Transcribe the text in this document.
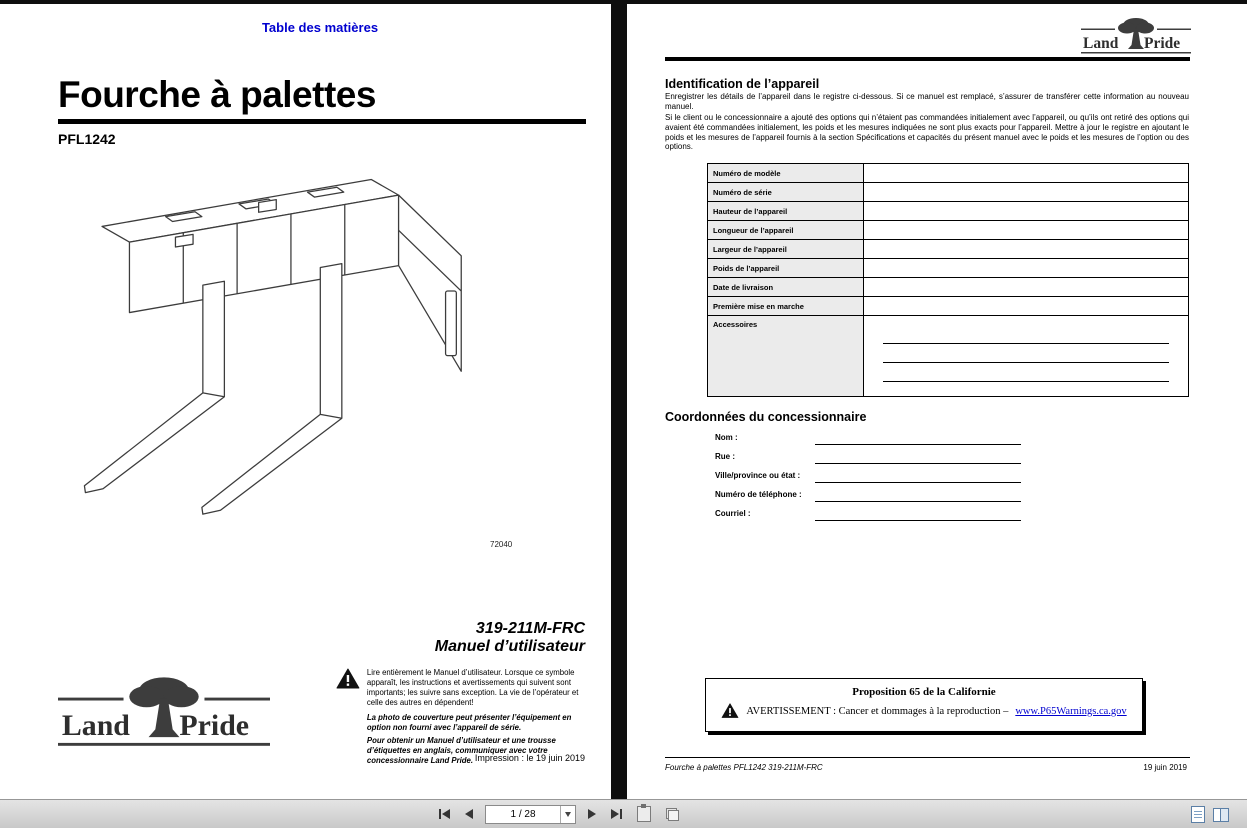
Table des matières
Fourche à palettes
PFL1242
72040
319-211M-FRC
Manuel d’utilisateur
Land Pride
Lire entièrement le Manuel d’utilisateur. Lorsque ce symbole apparaît, les instructions et avertissements qui suivent sont importants; les suivre sans exception. La vie de l’opérateur et celle des autres en dépendent!
La photo de couverture peut présenter l’équipement en option non fourni avec l’appareil de série.
Pour obtenir un Manuel d’utilisateur et une trousse d’étiquettes en anglais, communiquer avec votre concessionnaire Land Pride. Impression : le 19 juin 2019
Land Pride
Identification de l’appareil
Enregistrer les détails de l’appareil dans le registre ci-dessous. Si ce manuel est remplacé, s’assurer de transférer cette information au nouveau manuel.
Si le client ou le concessionnaire a ajouté des options qui n’étaient pas commandées initialement avec l’appareil, ou qu’ils ont retiré des options qui avaient été commandées initialement, les poids et les mesures indiquées ne sont plus exacts pour l’appareil. Mettre à jour le registre en ajoutant le poids et les mesures de l’appareil fournis à la section Spécifications et capacités du présent manuel avec le poids et les mesures de l’option ou des options.
Numéro de modèle	
Numéro de série	
Hauteur de l’appareil	
Longueur de l’appareil	
Largeur de l’appareil	
Poids de l’appareil	
Date de livraison	
Première mise en marche	
Accessoires	
Coordonnées du concessionnaire
Nom :
Rue :
Ville/province ou état :
Numéro de téléphone :
Courriel :
Proposition 65 de la Californie
AVERTISSEMENT : Cancer et dommages à la reproduction – www.P65Warnings.ca.gov
Fourche à palettes PFL1242 319-211M-FRC	19 juin 2019
1 / 28
